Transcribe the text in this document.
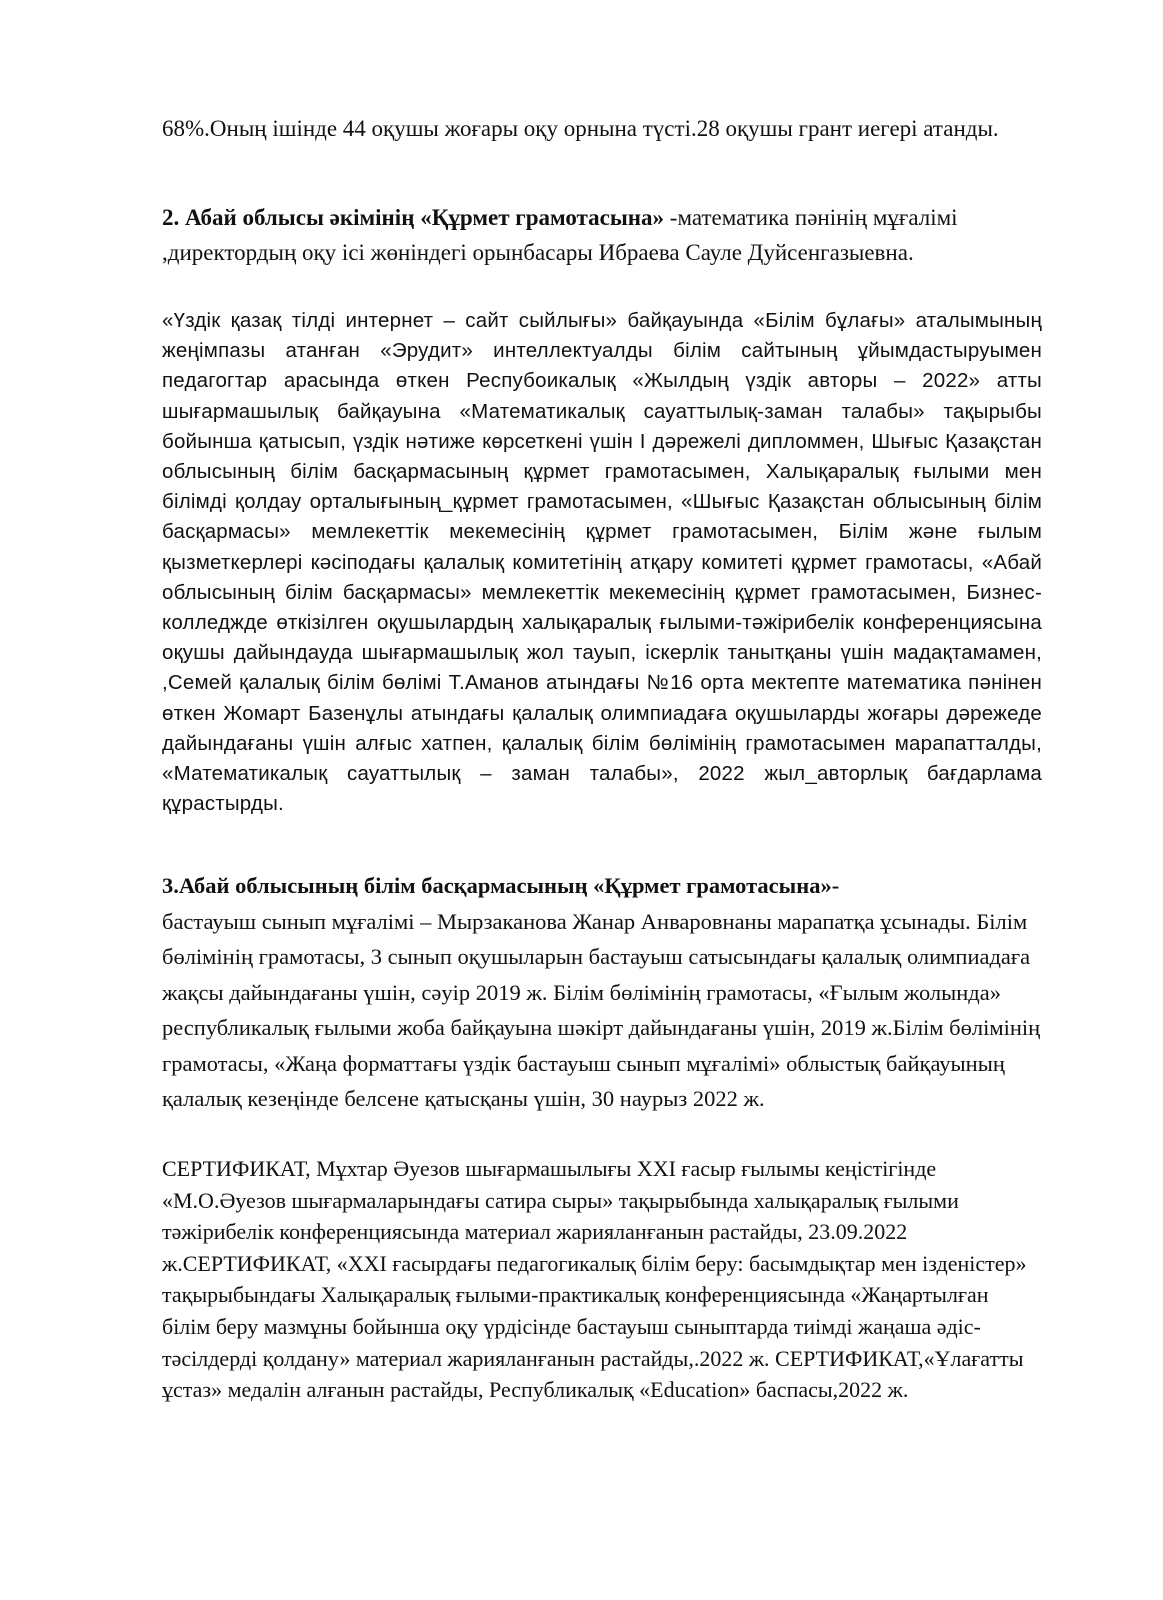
68%.Оның ішінде 44 оқушы жоғары оқу орнына түсті.28 оқушы грант иегері атанды.

2. Абай облысы әкімінің «Құрмет грамотасына» -математика пәнінің мұғалімі ,директордың оқу ісі жөніндегі орынбасары Ибраева Сауле Дуйсенгазыевна.

«Үздік қазақ тілді интернет – сайт сыйлығы» байқауында «Білім бұлағы» аталымының жеңімпазы атанған «Эрудит» интеллектуалды білім сайтының ұйымдастыруымен педагогтар арасында өткен Респубоикалық «Жылдың үздік авторы – 2022» атты шығармашылық байқауына «Математикалық сауаттылық-заман талабы» тақырыбы бойынша қатысып, үздік нәтиже көрсеткені үшін І дәрежелі дипломмен, Шығыс Қазақстан облысының білім басқармасының құрмет грамотасымен, Халықаралық ғылыми мен білімді қолдау орталығының_құрмет грамотасымен, «Шығыс Қазақстан облысының білім басқармасы» мемлекеттік мекемесінің құрмет грамотасымен, Білім және ғылым қызметкерлері кәсіподағы қалалық комитетінің атқару комитеті құрмет грамотасы, «Абай облысының білім басқармасы» мемлекеттік мекемесінің құрмет грамотасымен, Бизнес-колледжде өткізілген оқушылардың халықаралық ғылыми-тәжірибелік конференциясына оқушы дайындауда шығармашылық жол тауып, іскерлік танытқаны үшін мадақтамамен, ,Семей қалалық білім бөлімі Т.Аманов атындағы №16 орта мектепте математика пәнінен өткен Жомарт Базенұлы атындағы қалалық олимпиадаға оқушыларды жоғары дәрежеде дайындағаны үшін алғыс хатпен, қалалық білім бөлімінің грамотасымен марапатталды, «Математикалық сауаттылық – заман талабы», 2022 жыл_авторлық бағдарлама құрастырды.

3.Абай облысының білім басқармасының «Құрмет грамотасына»-
бастауыш сынып мұғалімі – Мырзаканова Жанар Анваровнаны марапатқа ұсынады. Білім бөлімінің грамотасы, 3 сынып оқушыларын бастауыш сатысындағы қалалық олимпиадаға жақсы дайындағаны үшін, сәуір 2019 ж. Білім бөлімінің грамотасы, «Ғылым жолында» республикалық ғылыми жоба байқауына шәкірт дайындағаны үшін, 2019 ж.Білім бөлімінің грамотасы, «Жаңа форматтағы үздік бастауыш сынып мұғалімі» облыстық байқауының қалалық кезеңінде белсене қатысқаны үшін, 30 наурыз 2022 ж.

СЕРТИФИКАТ, Мұхтар Әуезов шығармашылығы XXI ғасыр ғылымы кеңістігінде «М.О.Әуезов шығармаларындағы сатира сыры» тақырыбында халықаралық ғылыми тәжірибелік конференциясында материал жарияланғанын растайды, 23.09.2022 ж.СЕРТИФИКАТ, «XXI ғасырдағы педагогикалық білім беру: басымдықтар мен ізденістер» тақырыбындағы Халықаралық ғылыми-практикалық конференциясында «Жаңартылған білім беру мазмұны бойынша оқу үрдісінде бастауыш сыныптарда тиімді жаңаша әдіс-тәсілдерді қолдану» материал жарияланғанын растайды,.2022 ж. СЕРТИФИКАТ,«Ұлағатты ұстаз» медалін алғанын растайды, Республикалық «Education» баспасы,2022 ж.
